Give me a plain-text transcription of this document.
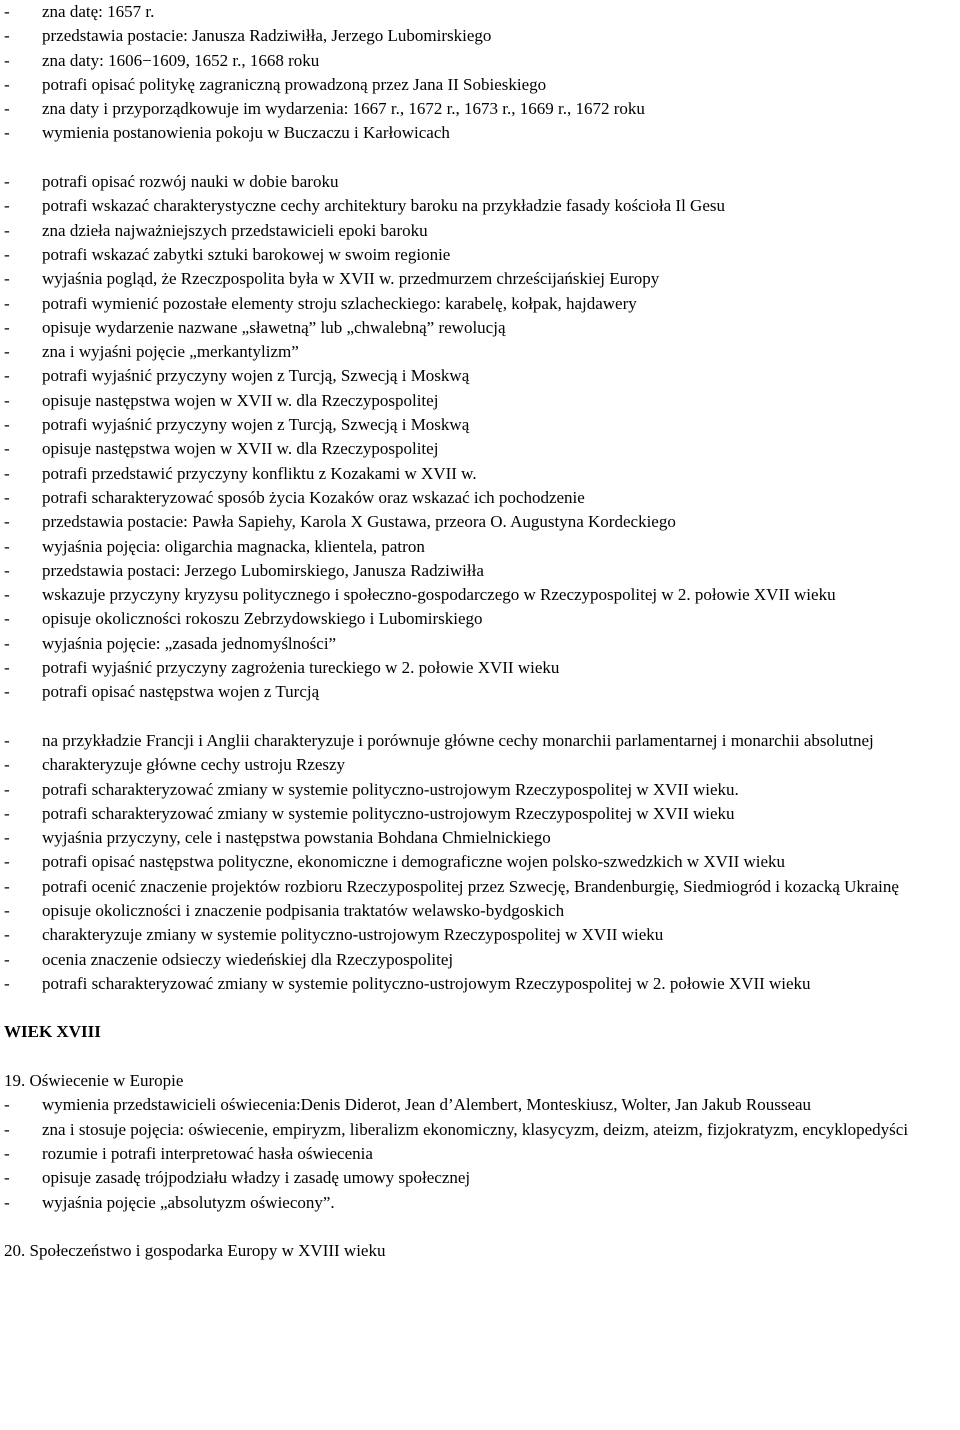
-	zna datę: 1657 r.
-	przedstawia postacie: Janusza Radziwiłła, Jerzego Lubomirskiego
-	zna daty: 1606−1609, 1652 r., 1668 roku
-	potrafi opisać politykę zagraniczną prowadzoną przez Jana II Sobieskiego
-	zna daty i przyporządkowuje im wydarzenia: 1667 r., 1672 r., 1673 r., 1669 r., 1672 roku
-	wymienia postanowienia pokoju w Buczaczu i Karłowicach
-	potrafi opisać rozwój nauki w dobie baroku
-	potrafi wskazać charakterystyczne cechy architektury baroku na przykładzie fasady kościoła Il Gesu
-	zna dzieła najważniejszych przedstawicieli epoki baroku
-	potrafi wskazać zabytki sztuki barokowej w swoim regionie
-	wyjaśnia pogląd, że Rzeczpospolita była w XVII w. przedmurzem chrześcijańskiej Europy
-	potrafi wymienić pozostałe elementy stroju szlacheckiego: karabelę, kołpak, hajdawery
-	opisuje wydarzenie nazwane „sławetną” lub „chwalebną” rewolucją
-	zna i wyjaśni pojęcie „merkantylizm”
-	potrafi wyjaśnić przyczyny wojen z Turcją, Szwecją i Moskwą
-	opisuje następstwa wojen w XVII w. dla Rzeczypospolitej
-	potrafi wyjaśnić przyczyny wojen z Turcją, Szwecją i Moskwą
-	opisuje następstwa wojen w XVII w. dla Rzeczypospolitej
-	potrafi przedstawić przyczyny konfliktu z Kozakami w XVII w.
-	potrafi scharakteryzować sposób życia Kozaków oraz wskazać ich pochodzenie
-	przedstawia postacie: Pawła Sapiehy, Karola X Gustawa, przeora O. Augustyna Kordeckiego
-	wyjaśnia pojęcia: oligarchia magnacka, klientela, patron
-	przedstawia postaci: Jerzego Lubomirskiego, Janusza Radziwiłła
-	wskazuje przyczyny kryzysu politycznego i społeczno-gospodarczego w Rzeczypospolitej w 2. połowie XVII wieku
-	opisuje okoliczności rokoszu Zebrzydowskiego i Lubomirskiego
-	wyjaśnia pojęcie: „zasada jednomyślności”
-	potrafi wyjaśnić przyczyny zagrożenia tureckiego w 2. połowie XVII wieku
-	potrafi opisać następstwa wojen z Turcją
-	na przykładzie Francji i Anglii charakteryzuje i porównuje główne cechy monarchii parlamentarnej i monarchii absolutnej
-	charakteryzuje główne cechy ustroju Rzeszy
-	potrafi scharakteryzować zmiany w systemie polityczno-ustrojowym Rzeczypospolitej w XVII wieku.
-	potrafi scharakteryzować zmiany w systemie polityczno-ustrojowym Rzeczypospolitej w XVII wieku
-	wyjaśnia przyczyny, cele i następstwa powstania Bohdana Chmielnickiego
-	potrafi opisać następstwa polityczne, ekonomiczne i demograficzne wojen polsko-szwedzkich w XVII wieku
-	potrafi ocenić znaczenie projektów rozbioru Rzeczypospolitej przez Szwecję, Brandenburgię, Siedmiogród i kozacką Ukrainę
-	opisuje okoliczności i znaczenie podpisania traktatów welawsko-bydgoskich
-	charakteryzuje zmiany w systemie polityczno-ustrojowym Rzeczypospolitej w XVII wieku
-	ocenia znaczenie odsieczy wiedeńskiej dla Rzeczypospolitej
-	potrafi scharakteryzować zmiany w systemie polityczno-ustrojowym Rzeczypospolitej w 2. połowie XVII wieku
WIEK XVIII
19. Oświecenie w Europie
-	wymienia przedstawicieli oświecenia:Denis Diderot, Jean d’Alembert, Monteskiusz, Wolter, Jan Jakub Rousseau
-	zna i stosuje pojęcia: oświecenie, empiryzm, liberalizm ekonomiczny, klasycyzm, deizm, ateizm, fizjokratyzm, encyklopedyści
-	rozumie i potrafi interpretować hasła oświecenia
-	opisuje zasadę trójpodziału władzy i zasadę umowy społecznej
-	wyjaśnia pojęcie „absolutyzm oświecony”.
20. Społeczeństwo i gospodarka Europy w XVIII wieku
